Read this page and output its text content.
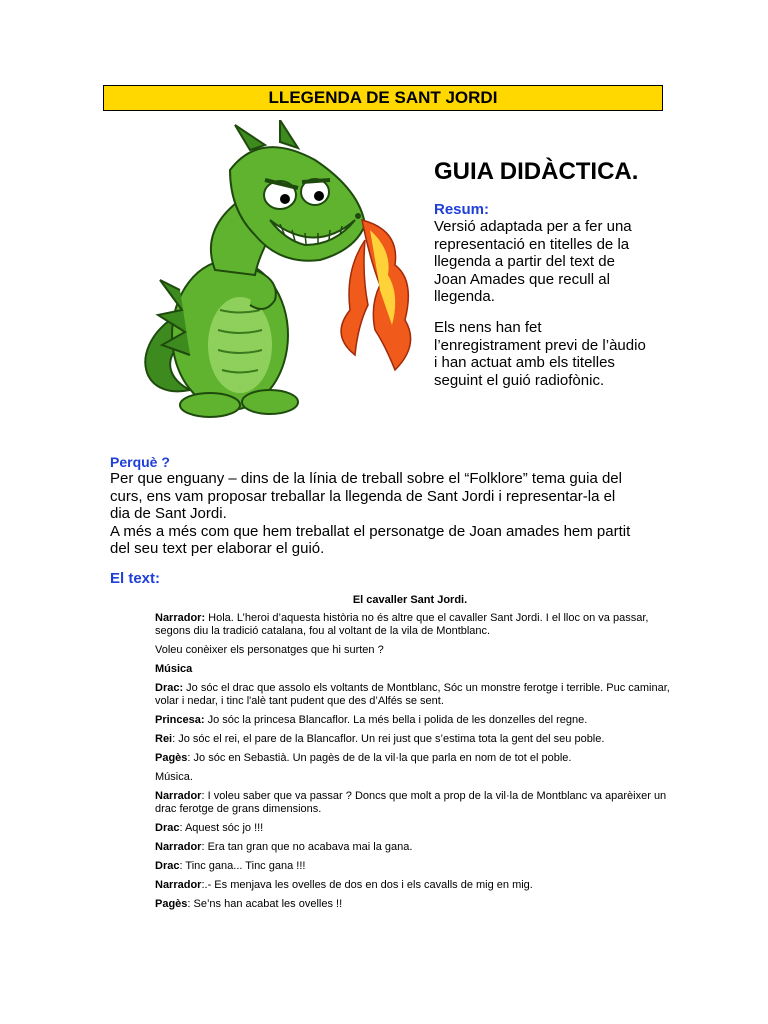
LLEGENDA DE SANT JORDI
GUIA DIDÀCTICA.
Resum:
Versió adaptada per a fer una
representació en titelles de la
llegenda a partir del text de
Joan Amades que recull al
llegenda.
Els nens han fet
l’enregistrament previ de l’àudio
i han actuat amb els titelles
seguint el guió radiofònic.
Perquè ?
Per que enguany – dins de la línia de treball sobre el “Folklore” tema guia del
curs, ens vam proposar treballar la llegenda de Sant Jordi i representar-la el
dia de Sant Jordi.
A més a més com que hem treballat el personatge de Joan amades hem partit
del seu text per elaborar el guió.
El text:
El cavaller Sant Jordi.

Narrador: Hola. L’heroi d’aquesta història no és altre que el cavaller Sant Jordi. I el lloc on va passar, segons diu la tradició catalana, fou al voltant de la vila de Montblanc.

Voleu conèixer els personatges que hi surten ?

Música

Drac: Jo sóc el drac que assolo els voltants de Montblanc, Sóc un monstre ferotge i terrible. Puc caminar, volar i nedar, i tinc l'alè tant pudent que des d’Alfés se sent.

Princesa: Jo sóc la princesa Blancaflor. La més bella i polida de les donzelles del regne.

Rei: Jo sóc el rei, el pare de la Blancaflor. Un rei just que s’estima tota la gent del seu poble.

Pagès: Jo sóc en Sebastià. Un pagès de de la vil·la que parla en nom de tot el poble.

Música.

Narrador: I voleu saber que va passar ? Doncs que molt a prop de la vil·la de Montblanc va aparèixer un drac ferotge de grans dimensions.

Drac: Aquest sóc jo !!!

Narrador: Era tan gran que no acabava mai la gana.

Drac: Tinc gana... Tinc gana !!!

Narrador:.- Es menjava les ovelles de dos en dos i els cavalls de mig en mig.

Pagès: Se’ns han acabat les ovelles !!
